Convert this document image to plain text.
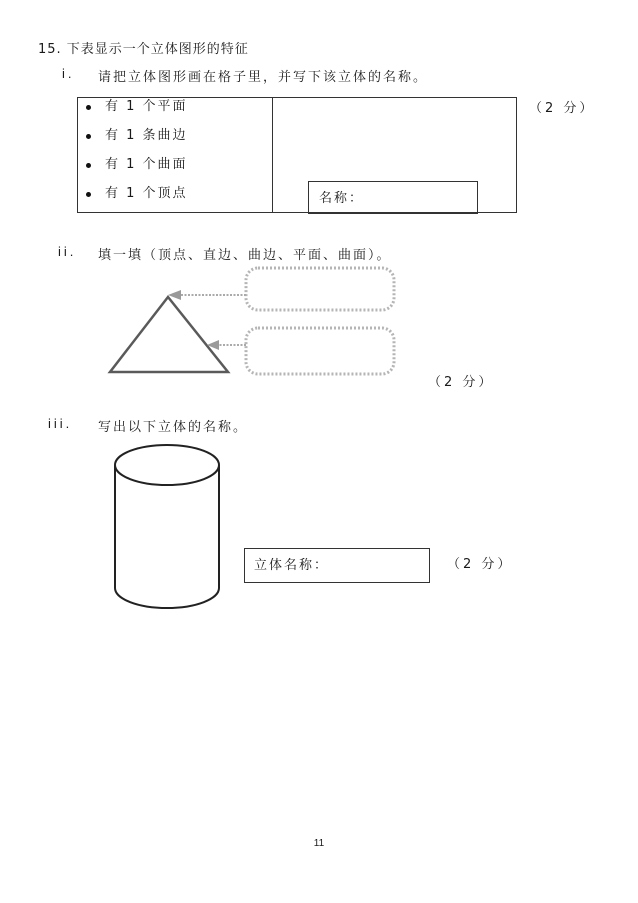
15. 下表显示一个立体图形的特征
i. 请把立体图形画在格子里，并写下该立体的名称。
有 1 个平面
有 1 条曲边
有 1 个曲面
有 1 个顶点	名称：
（2 分）
ii. 填一填（顶点、直边、曲边、平面、曲面）。
（2 分）
iii. 写出以下立体的名称。
立体名称：	（2 分）
11
